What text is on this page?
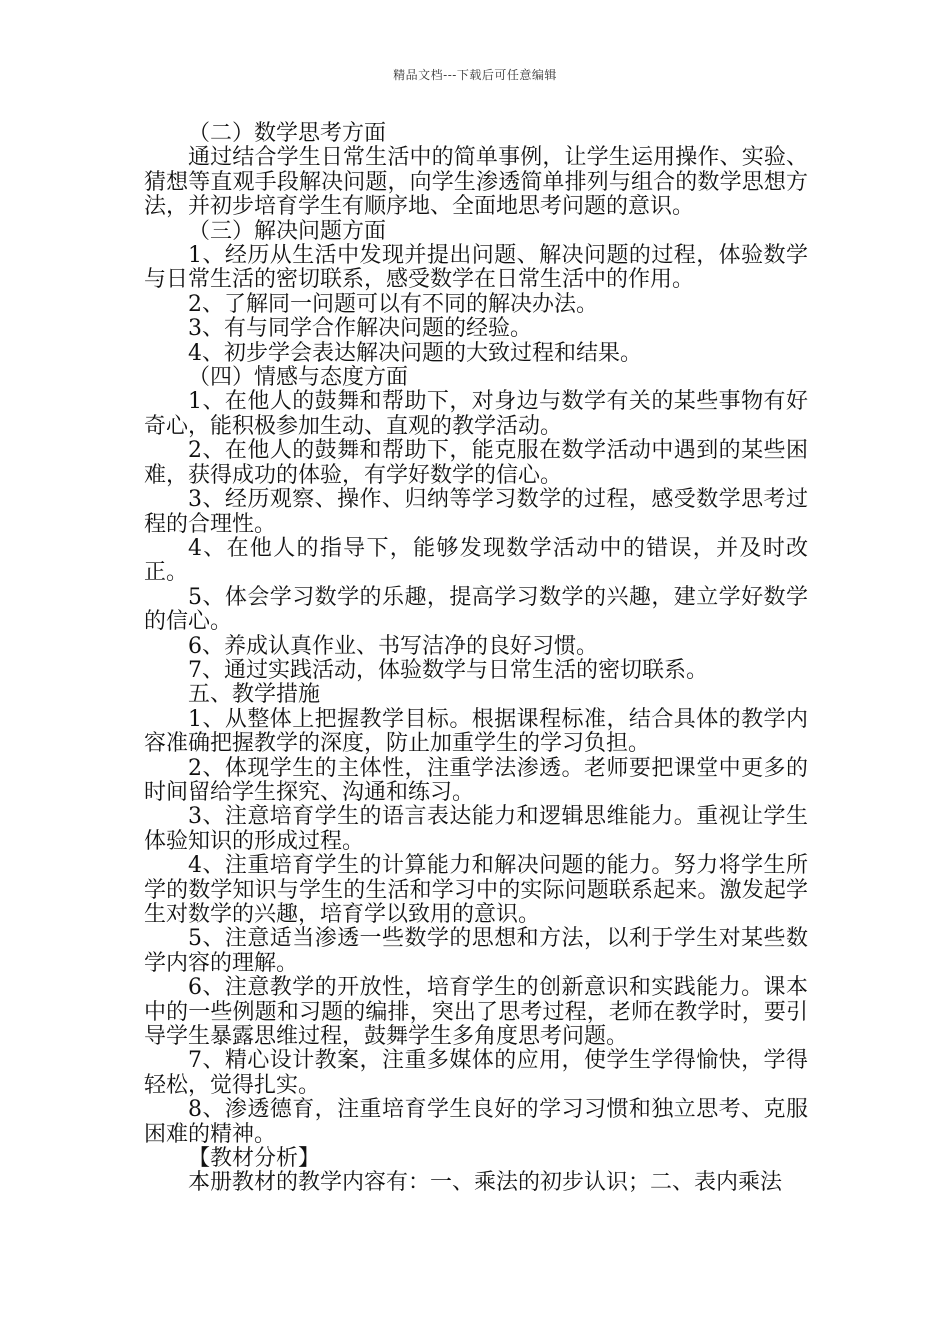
精品文档---下载后可任意编辑

（二）数学思考方面

通过结合学生日常生活中的简单事例，让学生运用操作、实验、猜想等直观手段解决问题，向学生渗透简单排列与组合的数学思想方法，并初步培育学生有顺序地、全面地思考问题的意识。

（三）解决问题方面

1、经历从生活中发现并提出问题、解决问题的过程，体验数学与日常生活的密切联系，感受数学在日常生活中的作用。

2、了解同一问题可以有不同的解决办法。

3、有与同学合作解决问题的经验。

4、初步学会表达解决问题的大致过程和结果。

（四）情感与态度方面

1、在他人的鼓舞和帮助下，对身边与数学有关的某些事物有好奇心，能积极参加生动、直观的教学活动。

2、在他人的鼓舞和帮助下，能克服在数学活动中遇到的某些困难，获得成功的体验，有学好数学的信心。

3、经历观察、操作、归纳等学习数学的过程，感受数学思考过程的合理性。

4、在他人的指导下，能够发现数学活动中的错误，并及时改正。

5、体会学习数学的乐趣，提高学习数学的兴趣，建立学好数学的信心。

6、养成认真作业、书写洁净的良好习惯。

7、通过实践活动，体验数学与日常生活的密切联系。

五、教学措施

1、从整体上把握教学目标。根据课程标准，结合具体的教学内容准确把握教学的深度，防止加重学生的学习负担。

2、体现学生的主体性，注重学法渗透。老师要把课堂中更多的时间留给学生探究、沟通和练习。

3、注意培育学生的语言表达能力和逻辑思维能力。重视让学生体验知识的形成过程。

4、注重培育学生的计算能力和解决问题的能力。努力将学生所学的数学知识与学生的生活和学习中的实际问题联系起来。激发起学生对数学的兴趣，培育学以致用的意识。

5、注意适当渗透一些数学的思想和方法，以利于学生对某些数学内容的理解。

6、注意教学的开放性，培育学生的创新意识和实践能力。课本中的一些例题和习题的编排，突出了思考过程，老师在教学时，要引导学生暴露思维过程，鼓舞学生多角度思考问题。

7、精心设计教案，注重多媒体的应用，使学生学得愉快，学得轻松，觉得扎实。

8、渗透德育，注重培育学生良好的学习习惯和独立思考、克服困难的精神。

【教材分析】

本册教材的教学内容有：一、乘法的初步认识；二、表内乘法
